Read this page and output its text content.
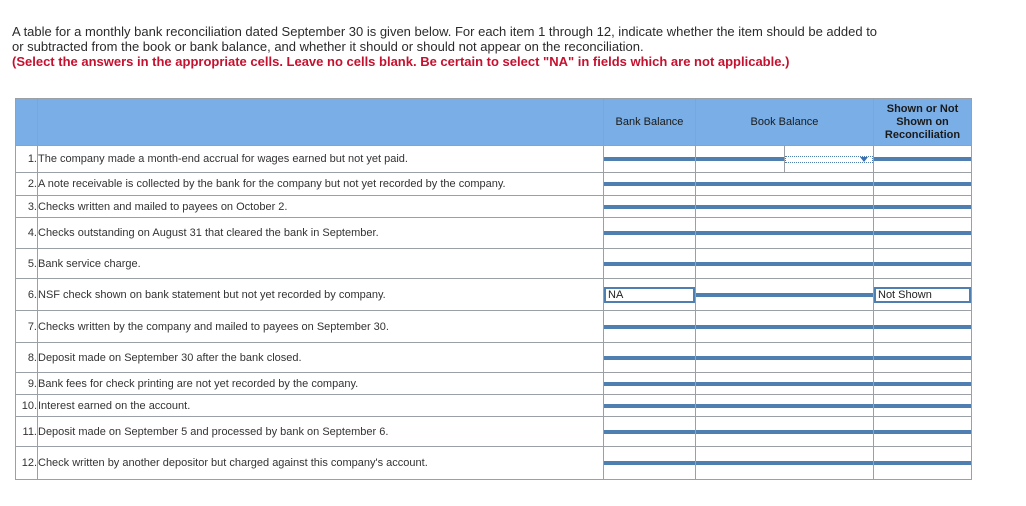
A table for a monthly bank reconciliation dated September 30 is given below. For each item 1 through 12, indicate whether the item should be added to or subtracted from the book or bank balance, and whether it should or should not appear on the reconciliation.
(Select the answers in the appropriate cells. Leave no cells blank. Be certain to select "NA" in fields which are not applicable.)
		Bank Balance	Book Balance		Shown or Not
Shown on
Reconciliation

1.	The company made a month-end accrual for wages earned but not yet paid.	

2.	A note receivable is collected by the bank for the company but not yet recorded by the company.		

3.	Checks written and mailed to payees on October 2.		

4.	Checks outstanding on August 31 that cleared the bank in September.		

5.	Bank service charge.		

6.	NSF check shown on bank statement but not yet recorded by company.	NA			Not Shown

7.	Checks written by the company and mailed to payees on September 30.		

8.	Deposit made on September 30 after the bank closed.		

9.	Bank fees for check printing are not yet recorded by the company.		

10.	Interest earned on the account.		

11.	Deposit made on September 5 and processed by bank on September 6.		

12.	Check written by another depositor but charged against this company's account.		
